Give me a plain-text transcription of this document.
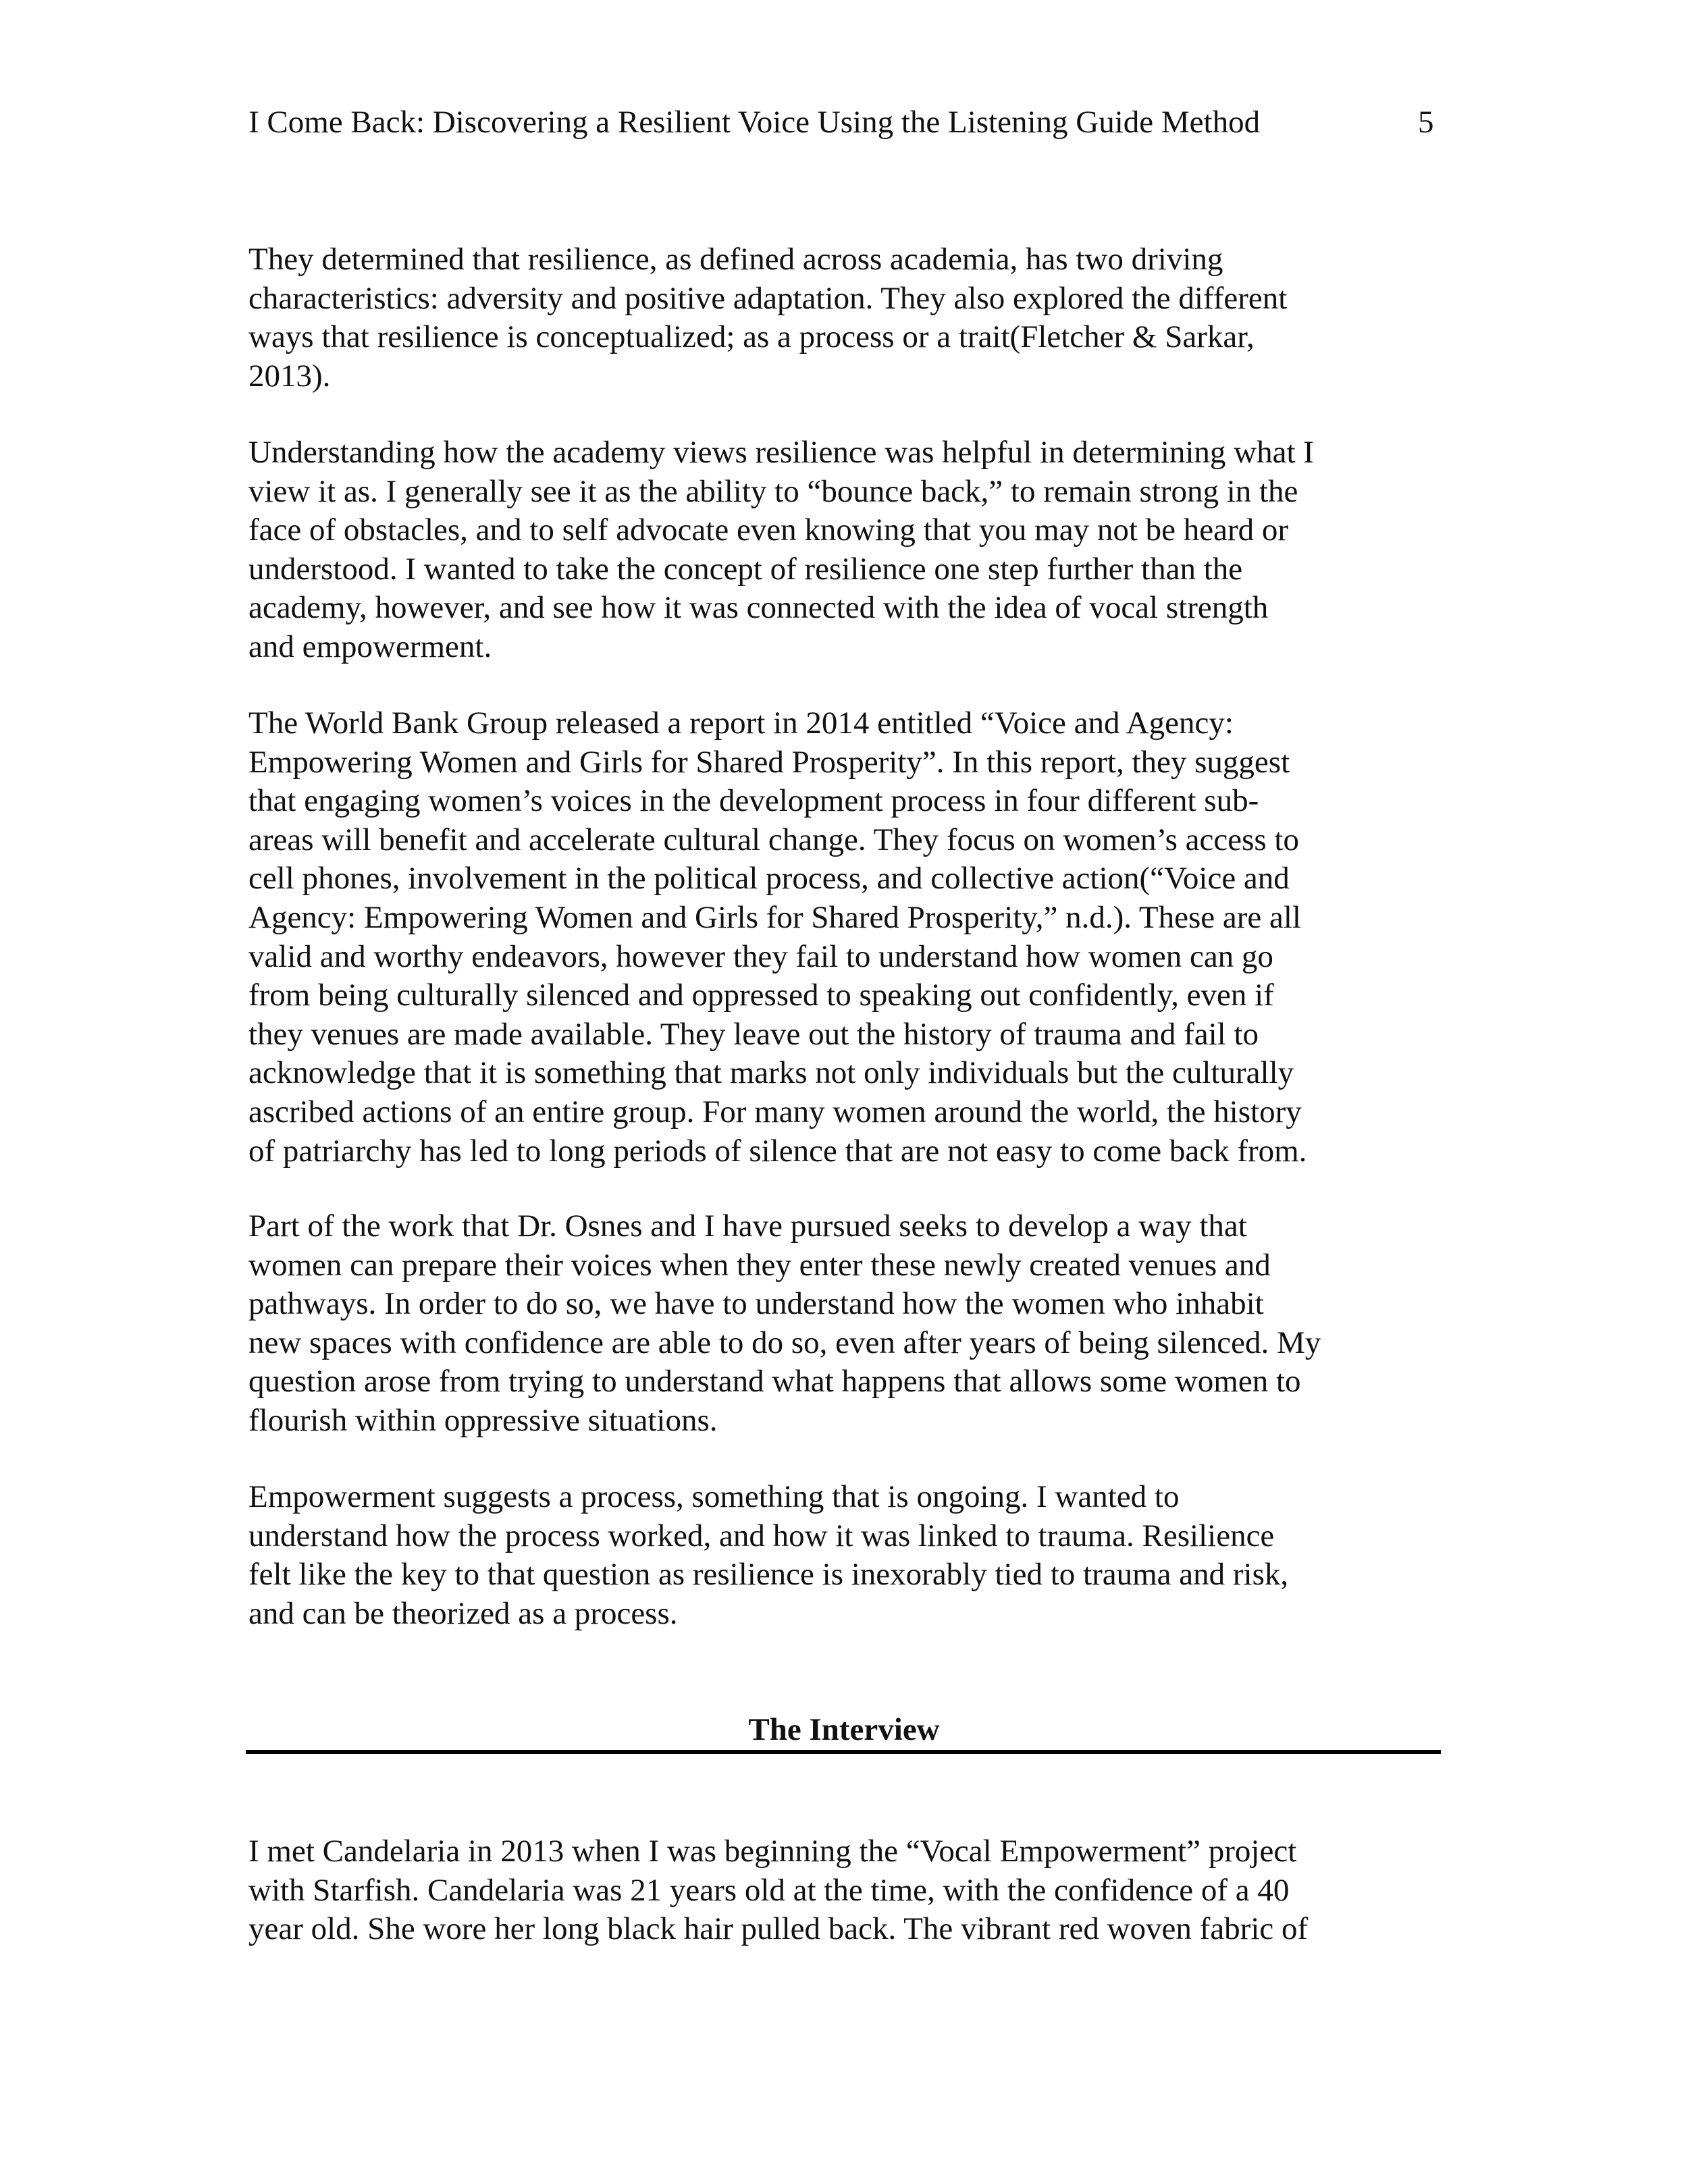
I Come Back: Discovering a Resilient Voice Using the Listening Guide Method	5
They determined that resilience, as defined across academia, has two driving
characteristics: adversity and positive adaptation. They also explored the different
ways that resilience is conceptualized; as a process or a trait(Fletcher & Sarkar,
2013).
Understanding how the academy views resilience was helpful in determining what I
view it as. I generally see it as the ability to “bounce back,” to remain strong in the
face of obstacles, and to self advocate even knowing that you may not be heard or
understood. I wanted to take the concept of resilience one step further than the
academy, however, and see how it was connected with the idea of vocal strength
and empowerment.
The World Bank Group released a report in 2014 entitled “Voice and Agency:
Empowering Women and Girls for Shared Prosperity”. In this report, they suggest
that engaging women’s voices in the development process in four different sub-
areas will benefit and accelerate cultural change. They focus on women’s access to
cell phones, involvement in the political process, and collective action(“Voice and
Agency: Empowering Women and Girls for Shared Prosperity,” n.d.). These are all
valid and worthy endeavors, however they fail to understand how women can go
from being culturally silenced and oppressed to speaking out confidently, even if
they venues are made available. They leave out the history of trauma and fail to
acknowledge that it is something that marks not only individuals but the culturally
ascribed actions of an entire group. For many women around the world, the history
of patriarchy has led to long periods of silence that are not easy to come back from.
Part of the work that Dr. Osnes and I have pursued seeks to develop a way that
women can prepare their voices when they enter these newly created venues and
pathways. In order to do so, we have to understand how the women who inhabit
new spaces with confidence are able to do so, even after years of being silenced. My
question arose from trying to understand what happens that allows some women to
flourish within oppressive situations.
Empowerment suggests a process, something that is ongoing. I wanted to
understand how the process worked, and how it was linked to trauma. Resilience
felt like the key to that question as resilience is inexorably tied to trauma and risk,
and can be theorized as a process.
The Interview
I met Candelaria in 2013 when I was beginning the “Vocal Empowerment” project
with Starfish. Candelaria was 21 years old at the time, with the confidence of a 40
year old. She wore her long black hair pulled back. The vibrant red woven fabric of
